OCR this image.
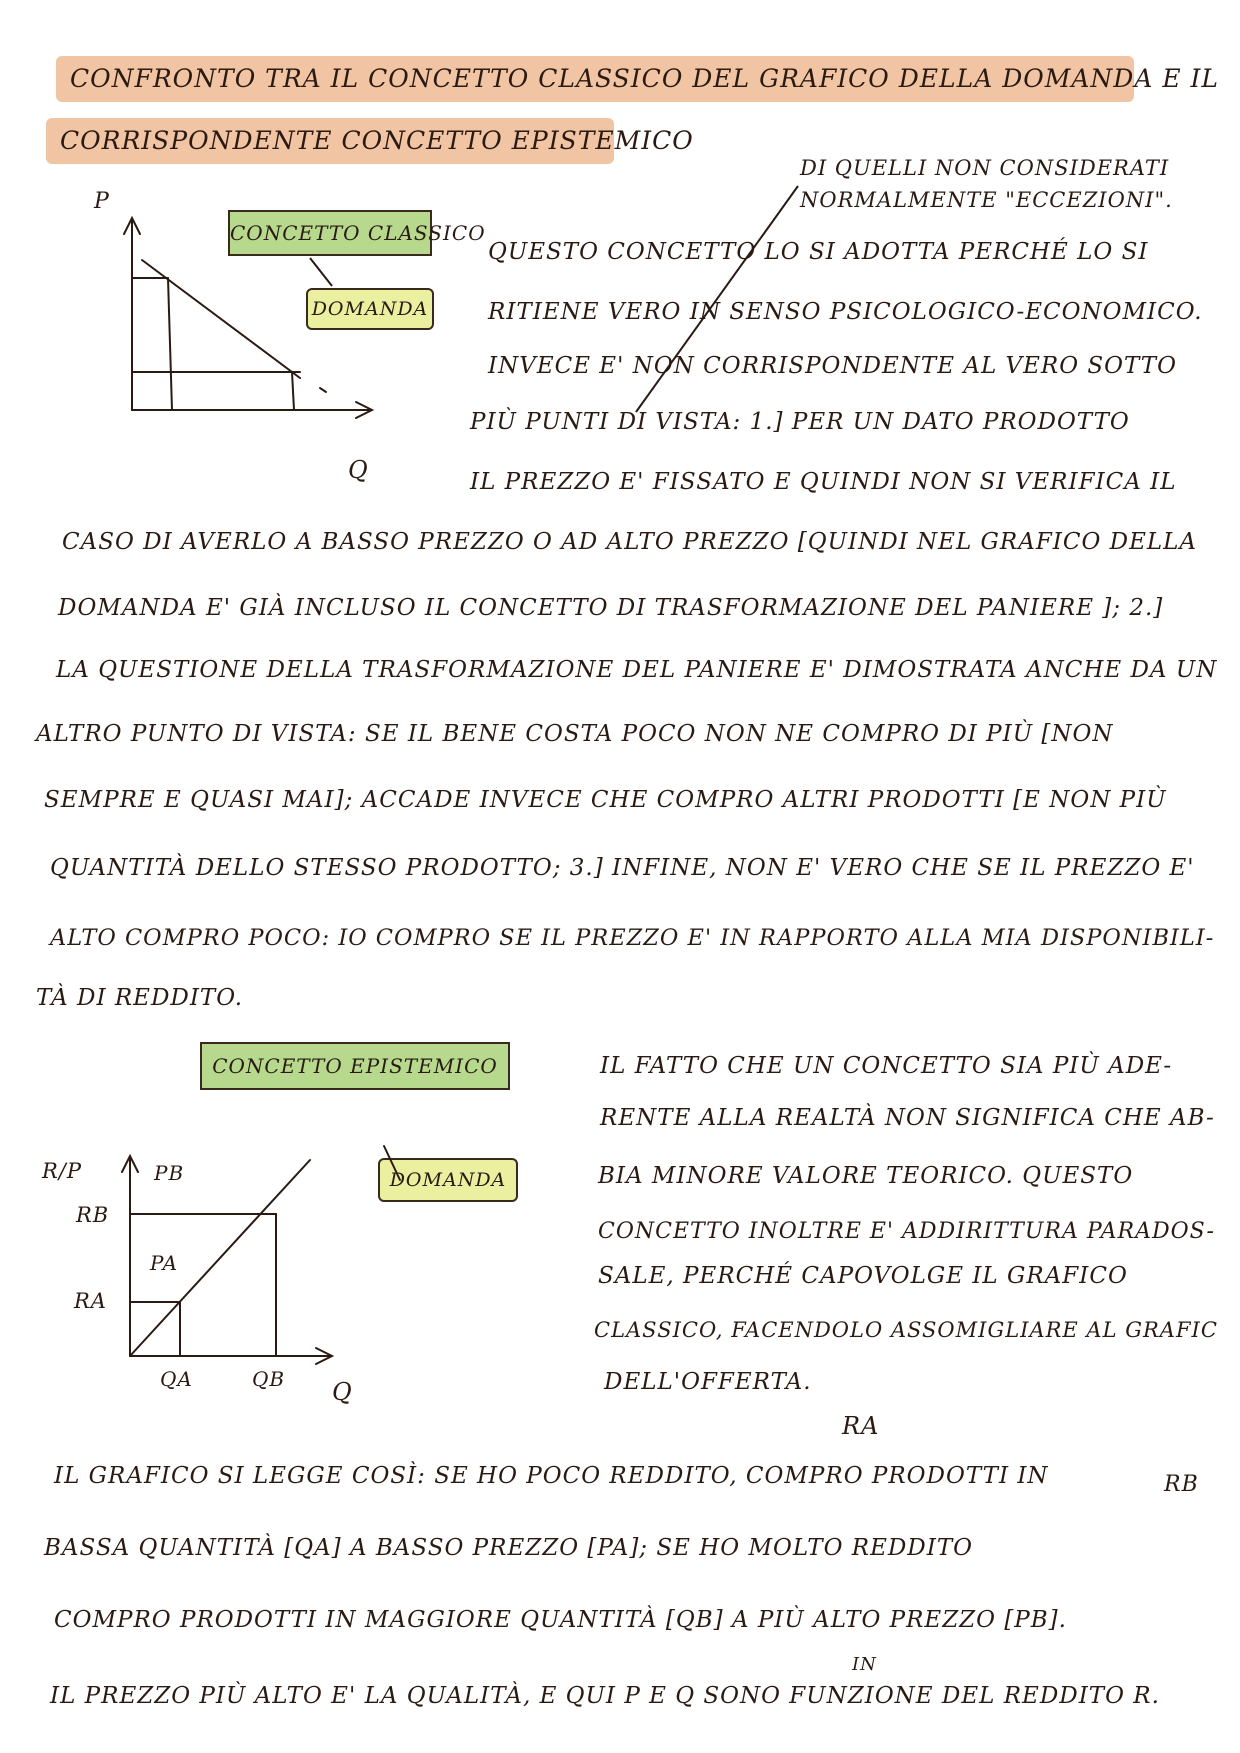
CONFRONTO TRA IL CONCETTO CLASSICO DEL GRAFICO DELLA DOMANDA E IL
CORRISPONDENTE CONCETTO EPISTEMICO
CONCETTO CLASSICO
DOMANDA
P
Q
DI QUELLI NON CONSIDERATI
NORMALMENTE "ECCEZIONI".
QUESTO CONCETTO LO SI ADOTTA PERCHÉ LO SI
RITIENE VERO IN SENSO PSICOLOGICO-ECONOMICO.
INVECE E' NON CORRISPONDENTE AL VERO SOTTO
PIÙ PUNTI DI VISTA: 1.] PER UN DATO PRODOTTO
IL PREZZO E' FISSATO E QUINDI NON SI VERIFICA IL
CASO DI AVERLO A BASSO PREZZO O AD ALTO PREZZO [QUINDI NEL GRAFICO DELLA
DOMANDA E' GIÀ INCLUSO IL CONCETTO DI TRASFORMAZIONE DEL PANIERE ]; 2.]
LA QUESTIONE DELLA TRASFORMAZIONE DEL PANIERE E' DIMOSTRATA ANCHE DA UN
ALTRO PUNTO DI VISTA: SE IL BENE COSTA POCO NON NE COMPRO DI PIÙ [NON
SEMPRE E QUASI MAI]; ACCADE INVECE CHE COMPRO ALTRI PRODOTTI [E NON PIÙ
QUANTITÀ DELLO STESSO PRODOTTO; 3.] INFINE, NON E' VERO CHE SE IL PREZZO E'
ALTO COMPRO POCO: IO COMPRO SE IL PREZZO E' IN RAPPORTO ALLA MIA DISPONIBILI-
TÀ DI REDDITO.
CONCETTO EPISTEMICO
DOMANDA
R/P	PB
PA
RB
RA
QA	QB Q
IL FATTO CHE UN CONCETTO SIA PIÙ ADE-
RENTE ALLA REALTÀ NON SIGNIFICA CHE AB-
BIA MINORE VALORE TEORICO. QUESTO
CONCETTO INOLTRE E' ADDIRITTURA PARADOS-
SALE, PERCHÉ CAPOVOLGE IL GRAFICO
CLASSICO, FACENDOLO ASSOMIGLIARE AL GRAFIC
DELL'OFFERTA.
RA
RB
IN
IL GRAFICO SI LEGGE COSÌ: SE HO POCO REDDITO, COMPRO PRODOTTI IN
BASSA QUANTITÀ [QA] A BASSO PREZZO [PA]; SE HO MOLTO REDDITO
COMPRO PRODOTTI IN MAGGIORE QUANTITÀ [QB] A PIÙ ALTO PREZZO [PB].
IL PREZZO PIÙ ALTO E' LA QUALITÀ, E QUI P E Q SONO FUNZIONE DEL REDDITO R.
